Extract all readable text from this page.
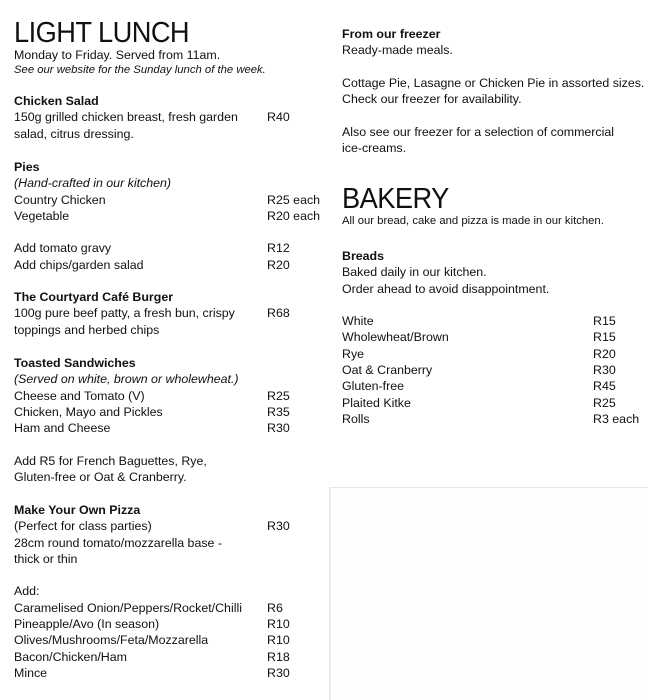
LIGHT LUNCH
Monday to Friday. Served from 11am.
See our website for the Sunday lunch of the week.
Chicken Salad
150g grilled chicken breast, fresh garden R40
salad, citrus dressing.
Pies
(Hand-crafted in our kitchen)
Country Chicken	R25 each
Vegetable	R20 each
Add tomato gravy	R12
Add chips/garden salad	R20
The Courtyard Café Burger
100g pure beef patty, a fresh bun, crispy	R68
toppings and herbed chips
Toasted Sandwiches
(Served on white, brown or wholewheat.)
Cheese and Tomato (V)	R25
Chicken, Mayo and Pickles	R35
Ham and Cheese	R30
Add R5 for French Baguettes, Rye,
Gluten-free or Oat & Cranberry.
Make Your Own Pizza
(Perfect for class parties)	R30
28cm round tomato/mozzarella base -
thick or thin
Add:
Caramelised Onion/Peppers/Rocket/Chilli R6
Pineapple/Avo (In season)	R10
Olives/Mushrooms/Feta/Mozzarella	R10
Bacon/Chicken/Ham	R18
Mince	R30
From our freezer
Ready-made meals.
Cottage Pie, Lasagne or Chicken Pie in assorted sizes.
Check our freezer for availability.
Also see our freezer for a selection of commercial
ice-creams.
BAKERY
All our bread, cake and pizza is made in our kitchen.
Breads
Baked daily in our kitchen.
Order ahead to avoid disappointment.
White	R15
Wholewheat/Brown	R15
Rye	R20
Oat & Cranberry	R30
Gluten-free	R45
Plaited Kitke	R25
Rolls	R3 each
